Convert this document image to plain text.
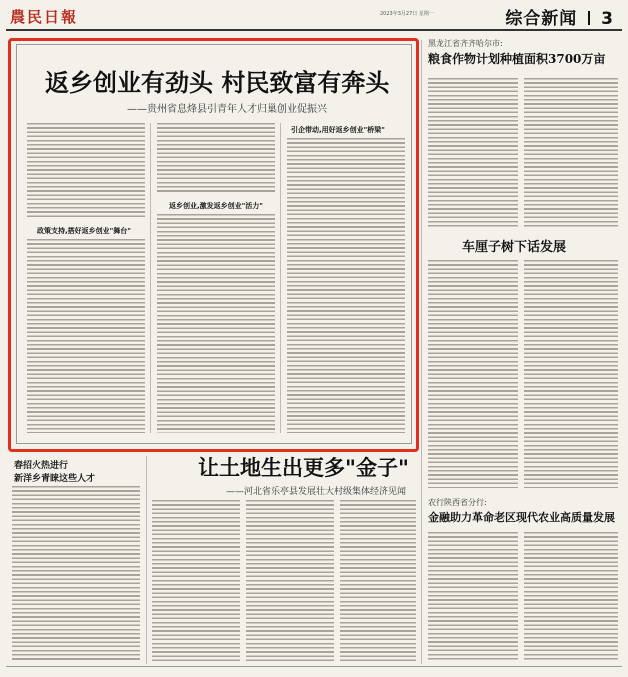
農民日報	2023年3月27日 星期一	综合新闻 3
返乡创业有劲头 村民致富有奔头
——贵州省息烽县引青年人才归巢创业促振兴
政策支持,搭好返乡创业"舞台"
返乡创业,激发返乡创业"活力"
引企带动,用好返乡创业"桥梁"
春招火热进行
新洋乡青睐这些人才	让土地生出更多"金子"
——河北省乐亭县发展壮大村级集体经济见闻
黑龙江省齐齐哈尔市:
粮食作物计划种植面积3700万亩
车厘子树下话发展
农行陕西省分行:
金融助力革命老区现代农业高质量发展
